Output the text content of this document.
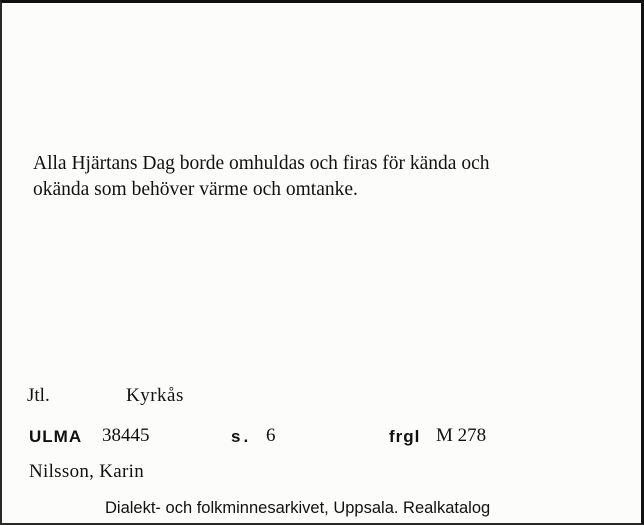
Alla Hjärtans Dag borde omhuldas och firas för kända och
okända som behöver värme och omtanke.
Jtl.	Kyrkås
ULMA 38445	s. 6	frgl M 278
Nilsson, Karin
Dialekt- och folkminnesarkivet, Uppsala. Realkatalog
